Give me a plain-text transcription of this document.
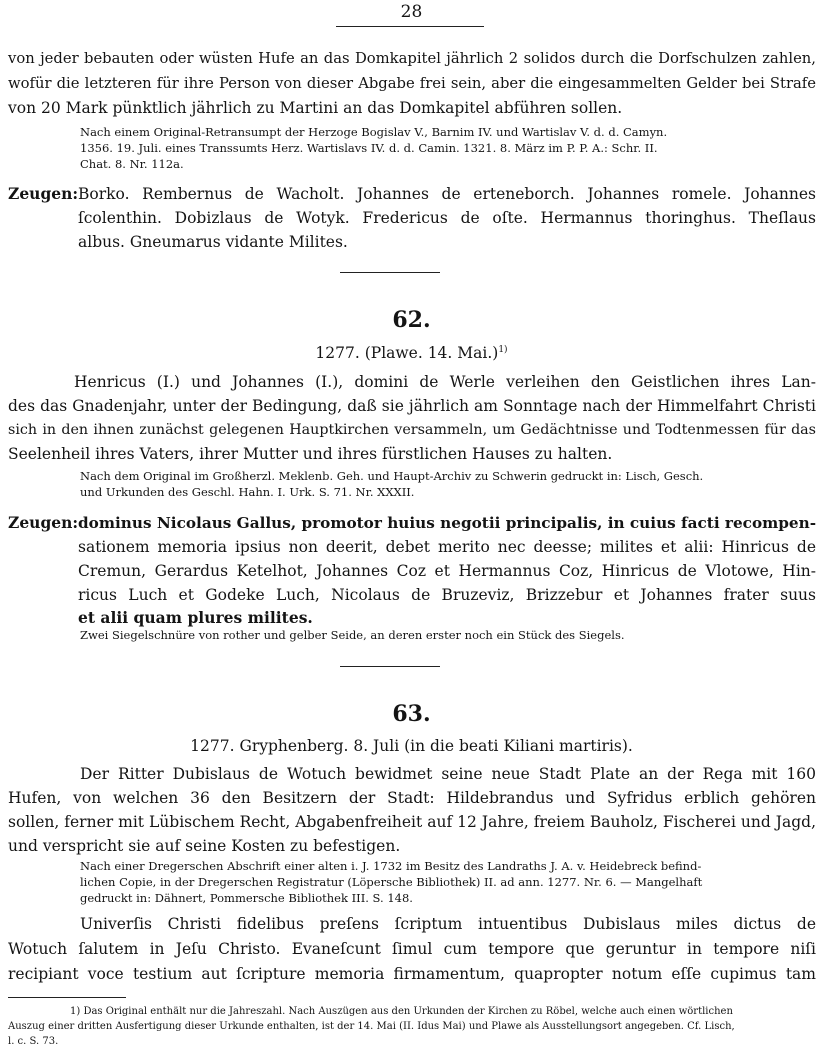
28
von jeder bebauten oder wüsten Hufe an das Domkapitel jährlich 2 solidos durch die Dorfschulzen zahlen,
wofür die letzteren für ihre Person von dieser Abgabe frei sein, aber die eingesammelten Gelder bei Strafe
von 20 Mark pünktlich jährlich zu Martini an das Domkapitel abführen sollen.
Nach einem Original-Retransumpt der Herzoge Bogislav V., Barnim IV. und Wartislav V. d. d. Camyn.
1356. 19. Juli. eines Transsumts Herz. Wartislavs IV. d. d. Camin. 1321. 8. März im P. P. A.: Schr. II.
Chat. 8. Nr. 112a.
Zeugen: Borko. Rembernus de Wacholt. Johannes de erteneborch. Johannes romele. Johannes
ſcolenthin. Dobizlaus de Wotyk. Fredericus de oſte. Hermannus thoringhus. Theſlaus
albus. Gneumarus vidante Milites.
62.
1277. (Plawe. 14. Mai.)$^{1)}$
Henricus (I.) und Johannes (I.), domini de Werle verleihen den Geistlichen ihres Lan-
des das Gnadenjahr, unter der Bedingung, daß sie jährlich am Sonntage nach der Himmelfahrt Christi
sich in den ihnen zunächst gelegenen Hauptkirchen versammeln, um Gedächtnisse und Todtenmessen für das
Seelenheil ihres Vaters, ihrer Mutter und ihres fürstlichen Hauses zu halten.
Nach dem Original im Großherzl. Meklenb. Geh. und Haupt-Archiv zu Schwerin gedruckt in: Lisch, Gesch.
und Urkunden des Geschl. Hahn. I. Urk. S. 71. Nr. XXXII.
Zeugen: dominus Nicolaus Gallus, promotor huius negotii principalis, in cuius facti recompen-
sationem memoria ipsius non deerit, debet merito nec deesse; milites et alii: Hinricus de
Cremun, Gerardus Ketelhot, Johannes Coz et Hermannus Coz, Hinricus de Vlotowe, Hin-
ricus Luch et Godeke Luch, Nicolaus de Bruzeviz, Brizzebur et Johannes frater suus
et alii quam plures milites.
Zwei Siegelschnüre von rother und gelber Seide, an deren erster noch ein Stück des Siegels.
63.
1277. Gryphenberg. 8. Juli (in die beati Kiliani martiris).
Der Ritter Dubislaus de Wotuch bewidmet seine neue Stadt Plate an der Rega mit 160
Hufen, von welchen 36 den Besitzern der Stadt: Hildebrandus und Syfridus erblich gehören
sollen, ferner mit Lübischem Recht, Abgabenfreiheit auf 12 Jahre, freiem Bauholz, Fischerei und Jagd,
und verspricht sie auf seine Kosten zu befestigen.
Nach einer Dregerschen Abschrift einer alten i. J. 1732 im Besitz des Landraths J. A. v. Heidebreck befind-
lichen Copie, in der Dregerschen Registratur (Löpersche Bibliothek) II. ad ann. 1277. Nr. 6. — Mangelhaft
gedruckt in: Dähnert, Pommersche Bibliothek III. S. 148.
Univerſis Christi fidelibus preſens ſcriptum intuentibus Dubislaus miles dictus de
Wotuch ſalutem in Jeſu Christo. Evaneſcunt ſimul cum tempore que geruntur in tempore niſi
recipiant voce testium aut ſcripture memoria firmamentum, quapropter notum eſſe cupimus tam
1) Das Original enthält nur die Jahreszahl. Nach Auszügen aus den Urkunden der Kirchen zu Röbel, welche auch einen wörtlichen
Auszug einer dritten Ausfertigung dieser Urkunde enthalten, ist der 14. Mai (II. Idus Mai) und Plawe als Ausstellungsort angegeben. Cf. Lisch,
l. c. S. 73.
